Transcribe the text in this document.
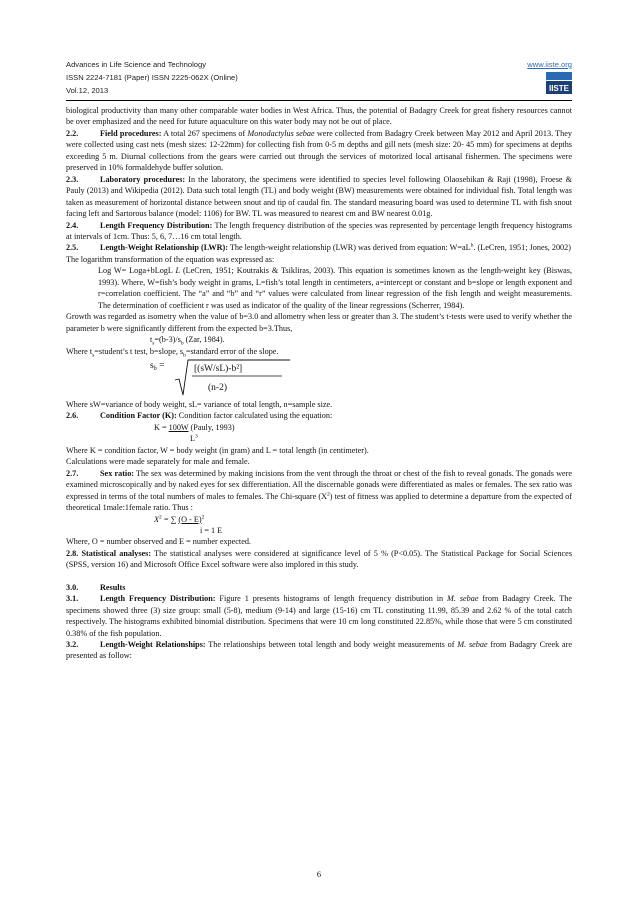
Advances in Life Science and Technology
ISSN 2224-7181 (Paper) ISSN 2225-062X (Online)
Vol.12, 2013
www.iiste.org
IISTE

biological productivity than many other comparable water bodies in West Africa. Thus, the potential of Badagry Creek for great fishery resources cannot be over emphasized and the need for future aquaculture on this water body may not be out of place.

2.2.	Field procedures: A total 267 specimens of Monodactylus sebae were collected from Badagry Creek between May 2012 and April 2013. They were collected using cast nets (mesh sizes: 12-22mm) for collecting fish from 0-5 m depths and gill nets (mesh size: 20- 45 mm) for specimens at depths exceeding 5 m. Diurnal collections from the gears were carried out through the services of motorized local artisanal fishermen. The specimens were preserved in 10% formaldehyde buffer solution.

2.3.	Laboratory procedures: In the laboratory, the specimens were identified to species level following Olaosebikan & Raji (1998), Froese & Pauly (2013) and Wikipedia (2012). Data such total length (TL) and body weight (BW) measurements were obtained for individual fish. Total length was taken as measurement of horizontal distance between snout and tip of caudal fin. The standard measuring board was used to determine TL with fish snout facing left and Sartorous balance (model: 1106) for BW. TL was measured to nearest cm and BW nearest 0.01g.

2.4.	Length Frequency Distribution: The length frequency distribution of the species was represented by percentage length frequency histograms at intervals of 1cm. Thus: 5, 6, 7…16 cm total length.

2.5.	Length-Weight Relationship (LWR): The length-weight relationship (LWR) was derived from equation: $W=aL^b$. (LeCren, 1951; Jones, 2002)

The logarithm transformation of the equation was expressed as:

Log W= Loga+bLogL L (LeCren, 1951; Koutrakis & Tsikliras, 2003). This equation is sometimes known as the length-weight key (Biswas, 1993). Where, W=fish’s body weight in grams, L=fish’s total length in centimeters, a=intercept or constant and b=slope or length exponent and r=correlation coefficient. The “a” and “b” and “r” values were calculated from linear regression of the fish length and weight measurements. The determination of coefficient r was used as indicator of the quality of the linear regressions (Scherrer, 1984).

Growth was regarded as isometry when the value of b=3.0 and allometry when less or greater than 3. The student’s t-tests were used to verify whether the parameter b were significantly different from the expected b=3.Thus,

$t_s=(b-3)/s_b$ (Zar, 1984).

Where $t_s=student’s$ t test, b=slope, $s_b=standard$ error of the slope.

$s_b$ =	[(sW/sL)-b²]
(n-2)

Where sW=variance of body weight, sL= variance of total length, n=sample size.

2.6.	Condition Factor (K): Condition factor calculated using the equation:

K = 100W (Pauly, 1993)

$L^3$

Where K = condition factor, W = body weight (in gram) and L = total length (in centimeter).

Calculations were made separately for male and female.

2.7.	Sex ratio: The sex was determined by making incisions from the vent through the throat or chest of the fish to reveal gonads. The gonads were examined microscopically and by naked eyes for sex differentiation. All the discernable gonads were differentiated as males or females. The sex ratio was expressed in terms of the total numbers of males to females. The Chi-square $(X^2)$ test of fitness was applied to determine a departure from the expected of theoretical 1male:1female ratio. Thus :

$X^2$ = ∑ (O - E)$^2$

i = 1 E

Where, O = number observed and E = number expected.

2.8. Statistical analyses: The statistical analyses were considered at significance level of 5 % (P<0.05). The Statistical Package for Social Sciences (SPSS, version 16) and Microsoft Office Excel software were also implored in this study.

3.0.	Results

3.1.	Length Frequency Distribution: Figure 1 presents histograms of length frequency distribution in M. sebae from Badagry Creek. The specimens showed three (3) size group: small (5-8), medium (9-14) and large (15-16) cm TL constituting 11.99, 85.39 and 2.62 % of the total catch respectively. The histograms exhibited binomial distribution. Specimens that were 10 cm long constituted 22.85%, while those that were 5 cm constituted 0.38% of the fish population.

3.2.	Length-Weight Relationships: The relationships between total length and body weight measurements of M. sebae from Badagry Creek are presented as follow:

6
